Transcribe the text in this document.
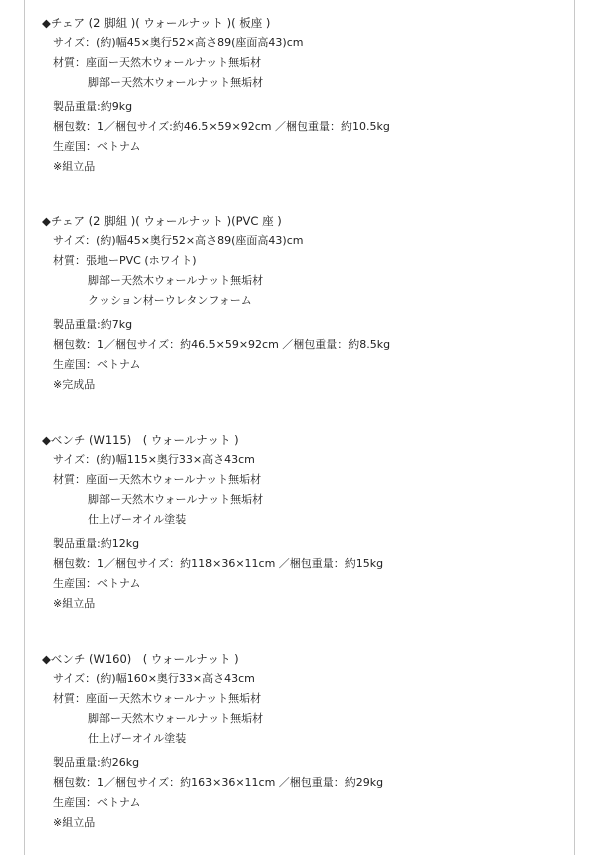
◆チェア (2 脚組 )( ウォールナット )( 板座 )
サイズ：(約)幅45×奥行52×高さ89(座面高43)cm
材質：座面ー天然木ウォールナット無垢材
脚部ー天然木ウォールナット無垢材
製品重量:約9kg
梱包数：1／梱包サイズ:約46.5×59×92cm ／梱包重量：約10.5kg
生産国：ベトナム
※組立品
◆チェア (2 脚組 )( ウォールナット )(PVC 座 )
サイズ：(約)幅45×奥行52×高さ89(座面高43)cm
材質：張地ーPVC (ホワイト)
脚部ー天然木ウォールナット無垢材
クッション材ーウレタンフォーム
製品重量:約7kg
梱包数：1／梱包サイズ：約46.5×59×92cm ／梱包重量：約8.5kg
生産国：ベトナム
※完成品
◆ベンチ (W115)　( ウォールナット )
サイズ：(約)幅115×奥行33×高さ43cm
材質：座面ー天然木ウォールナット無垢材
脚部ー天然木ウォールナット無垢材
仕上げーオイル塗装
製品重量:約12kg
梱包数：1／梱包サイズ：約118×36×11cm ／梱包重量：約15kg
生産国：ベトナム
※組立品
◆ベンチ (W160)　( ウォールナット )
サイズ：(約)幅160×奥行33×高さ43cm
材質：座面ー天然木ウォールナット無垢材
脚部ー天然木ウォールナット無垢材
仕上げーオイル塗装
製品重量:約26kg
梱包数：1／梱包サイズ：約163×36×11cm ／梱包重量：約29kg
生産国：ベトナム
※組立品
